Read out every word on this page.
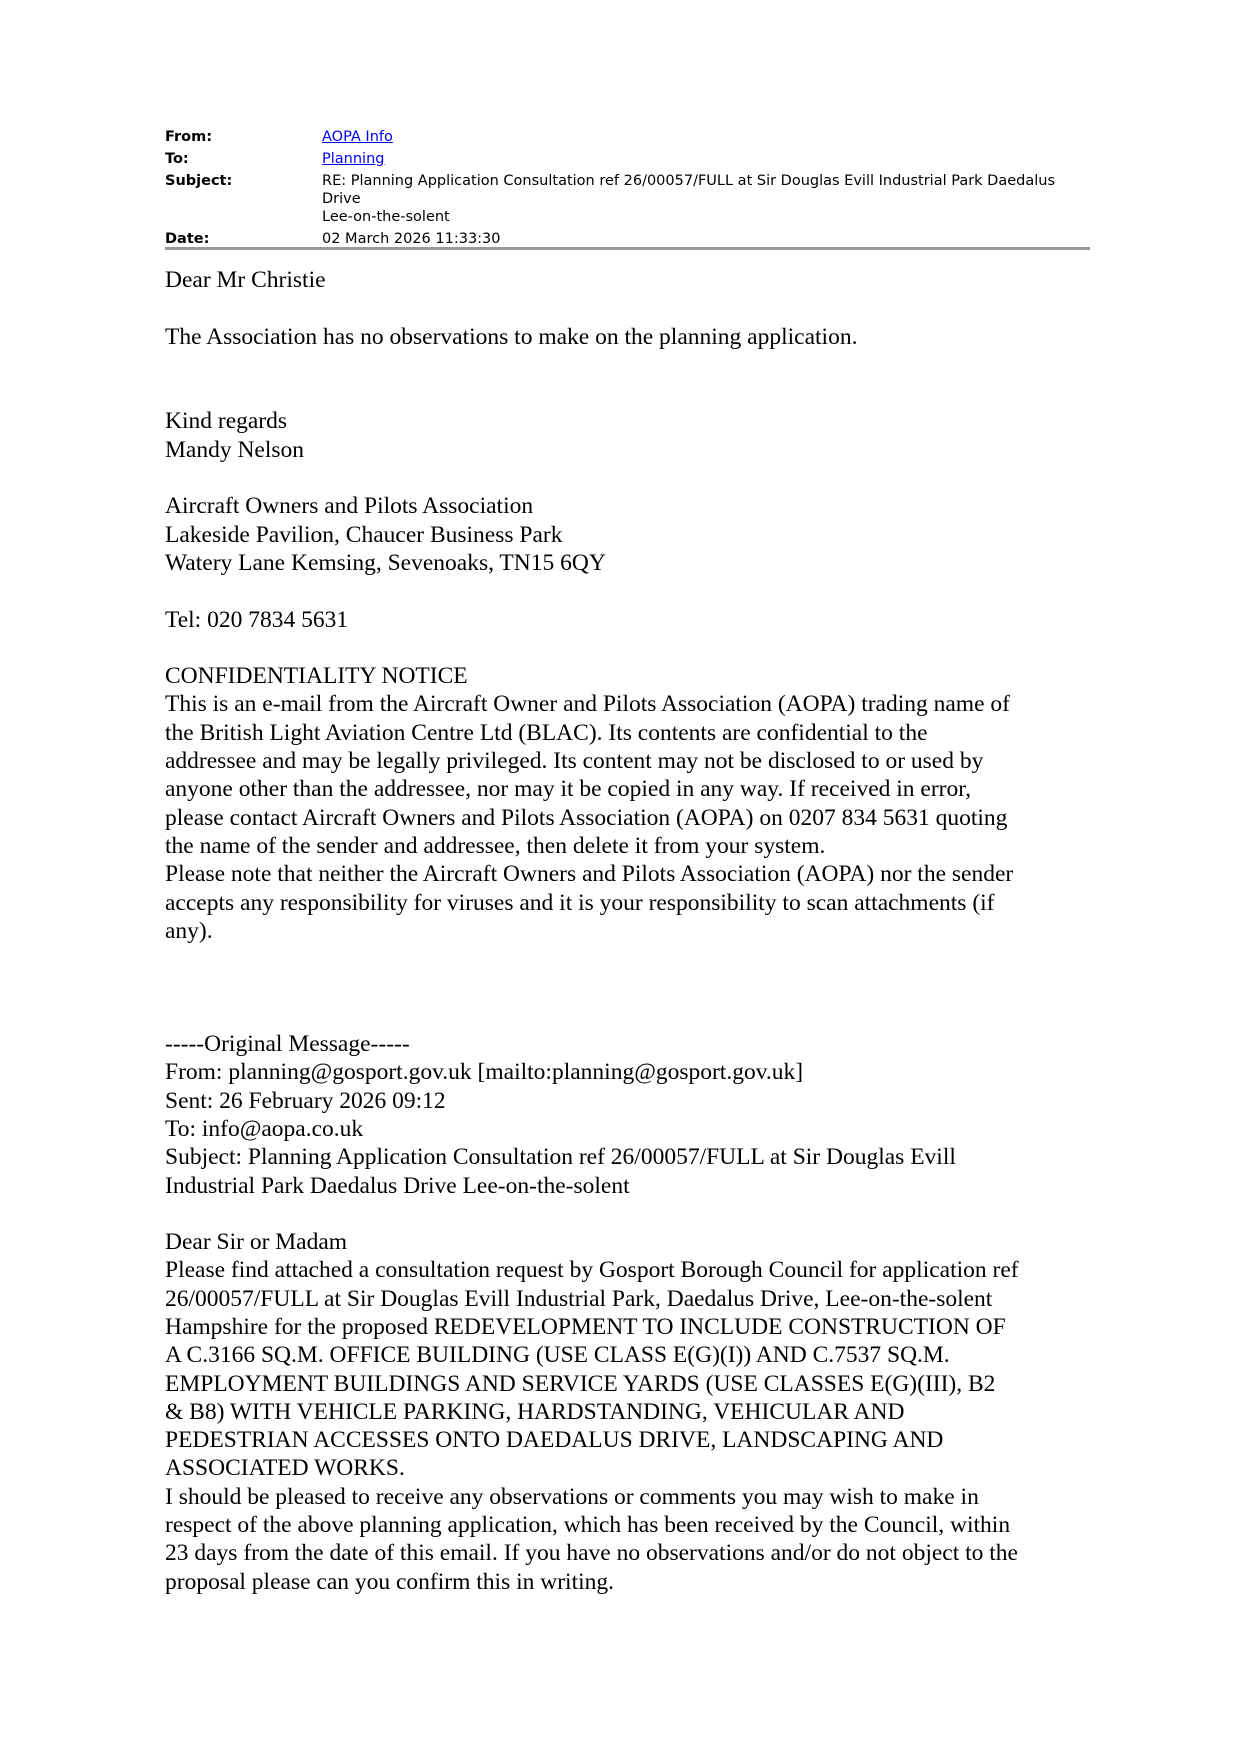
From:	AOPA Info
To:	Planning
Subject:	RE: Planning Application Consultation ref 26/00057/FULL at Sir Douglas Evill Industrial Park Daedalus Drive
Lee-on-the-solent
Date:	02 March 2026 11:33:30
Dear Mr Christie
The Association has no observations to make on the planning application.
Kind regards
Mandy Nelson
Aircraft Owners and Pilots Association
Lakeside Pavilion, Chaucer Business Park
Watery Lane Kemsing, Sevenoaks, TN15 6QY
Tel: 020 7834 5631
CONFIDENTIALITY NOTICE
This is an e-mail from the Aircraft Owner and Pilots Association (AOPA) trading name of
the British Light Aviation Centre Ltd (BLAC). Its contents are confidential to the
addressee and may be legally privileged. Its content may not be disclosed to or used by
anyone other than the addressee, nor may it be copied in any way. If received in error,
please contact Aircraft Owners and Pilots Association (AOPA) on 0207 834 5631 quoting
the name of the sender and addressee, then delete it from your system.
Please note that neither the Aircraft Owners and Pilots Association (AOPA) nor the sender
accepts any responsibility for viruses and it is your responsibility to scan attachments (if
any).
-----Original Message-----
From: planning@gosport.gov.uk [mailto:planning@gosport.gov.uk]
Sent: 26 February 2026 09:12
To: info@aopa.co.uk
Subject: Planning Application Consultation ref 26/00057/FULL at Sir Douglas Evill
Industrial Park Daedalus Drive Lee-on-the-solent
Dear Sir or Madam
Please find attached a consultation request by Gosport Borough Council for application ref
26/00057/FULL at Sir Douglas Evill Industrial Park, Daedalus Drive, Lee-on-the-solent
Hampshire for the proposed REDEVELOPMENT TO INCLUDE CONSTRUCTION OF
A C.3166 SQ.M. OFFICE BUILDING (USE CLASS E(G)(I)) AND C.7537 SQ.M.
EMPLOYMENT BUILDINGS AND SERVICE YARDS (USE CLASSES E(G)(III), B2
& B8) WITH VEHICLE PARKING, HARDSTANDING, VEHICULAR AND
PEDESTRIAN ACCESSES ONTO DAEDALUS DRIVE, LANDSCAPING AND
ASSOCIATED WORKS.
I should be pleased to receive any observations or comments you may wish to make in
respect of the above planning application, which has been received by the Council, within
23 days from the date of this email. If you have no observations and/or do not object to the
proposal please can you confirm this in writing.
